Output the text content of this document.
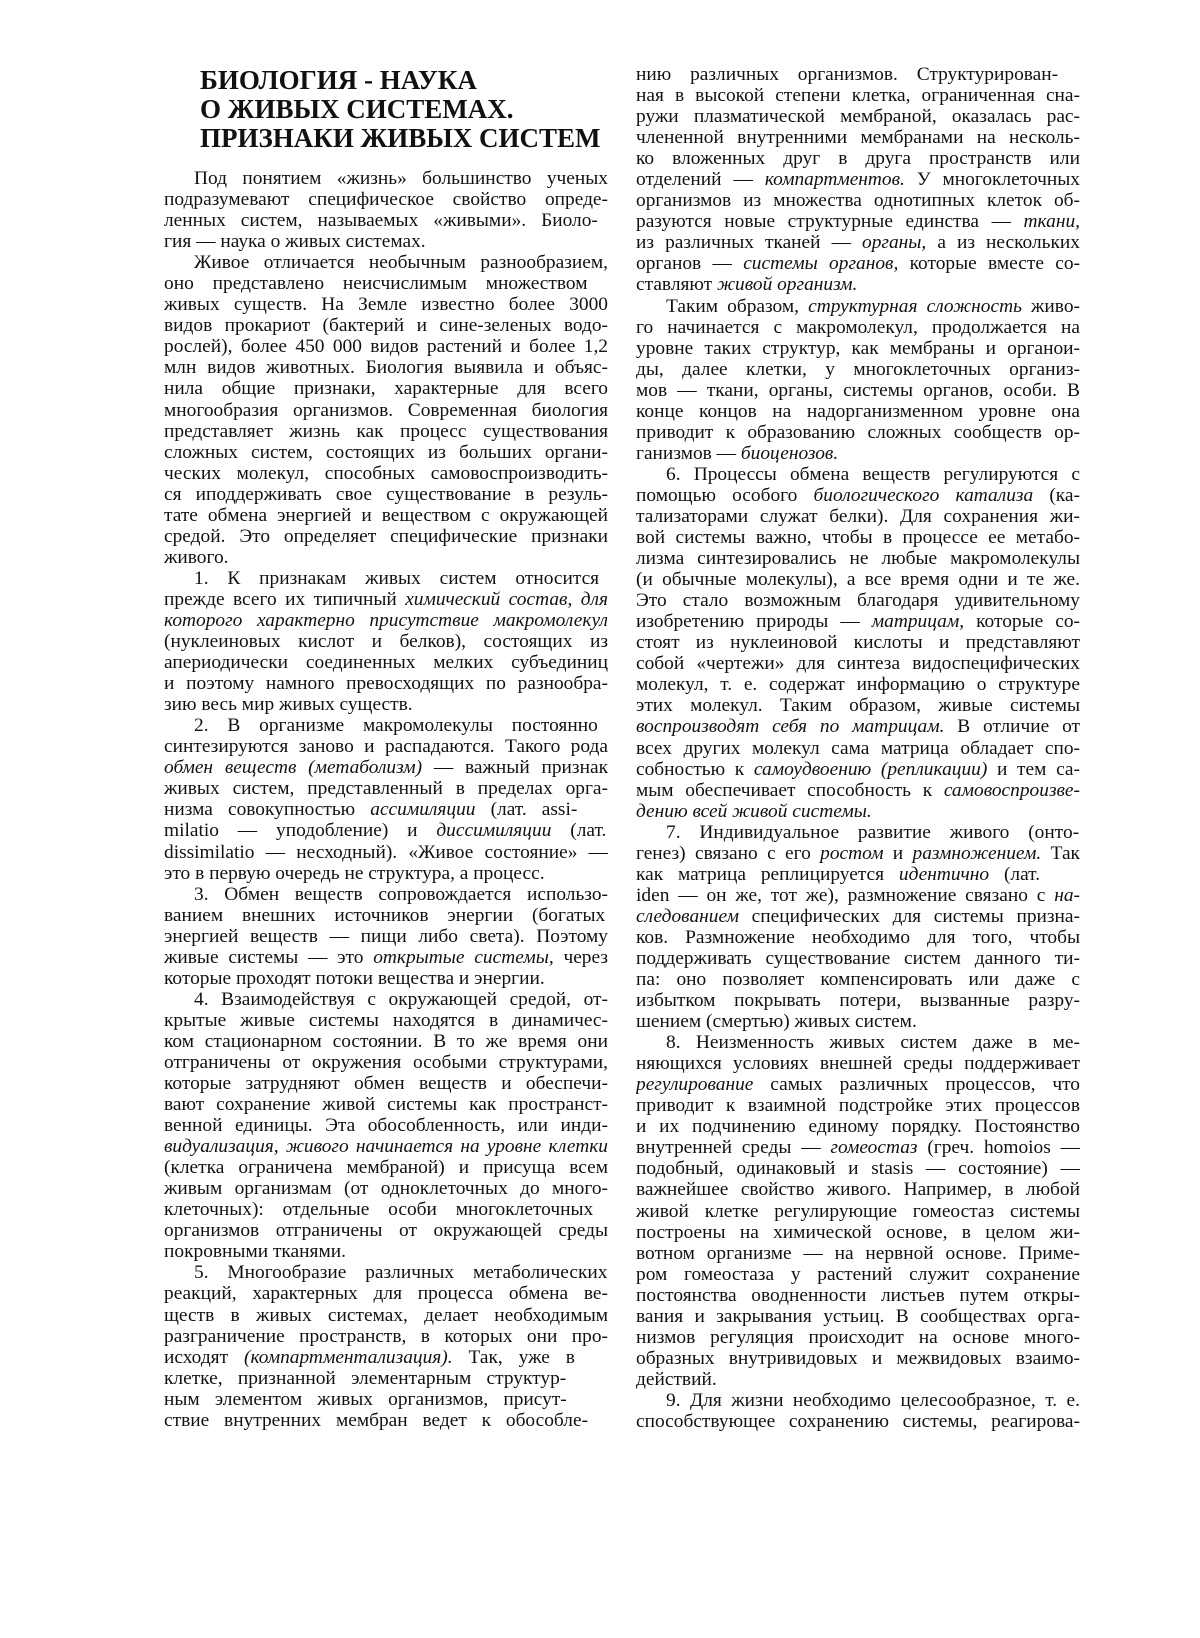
БИОЛОГИЯ - НАУКА
О ЖИВЫХ СИСТЕМАХ.
ПРИЗНАКИ ЖИВЫХ СИСТЕМ
Под понятием «жизнь» большинство ученых
подразумевают специфическое свойство опреде-
ленных систем, называемых «живыми». Биоло-
гия — наука о живых системах.
Живое отличается необычным разнообразием,
оно представлено неисчислимым множеством
живых существ. На Земле известно более 3000
видов прокариот (бактерий и сине-зеленых водо-
рослей), более 450 000 видов растений и более 1,2
млн видов животных. Биология выявила и объяс-
нила общие признаки, характерные для всего
многообразия организмов. Современная биология
представляет жизнь как процесс существования
сложных систем, состоящих из больших органи-
ческих молекул, способных самовоспроизводить-
ся иподдерживать свое существование в резуль-
тате обмена энергией и веществом с окружающей
средой. Это определяет специфические признаки
живого.
1. К признакам живых систем относится
прежде всего их типичный химический состав, для
которого характерно присутствие макромолекул
(нуклеиновых кислот и белков), состоящих из
апериодически соединенных мелких субъединиц
и поэтому намного превосходящих по разнообра-
зию весь мир живых существ.
2. В организме макромолекулы постоянно
синтезируются заново и распадаются. Такого рода
обмен веществ (метаболизм) — важный признак
живых систем, представленный в пределах орга-
низма совокупностью ассимиляции (лат. assi-
milatio — уподобление) и диссимиляции (лат.
dissimilatio — несходный). «Живое состояние» —
это в первую очередь не структура, а процесс.
3. Обмен веществ сопровождается использо-
ванием внешних источников энергии (богатых
энергией веществ — пищи либо света). Поэтому
живые системы — это открытые системы, через
которые проходят потоки вещества и энергии.
4. Взаимодействуя с окружающей средой, от-
крытые живые системы находятся в динамичес-
ком стационарном состоянии. В то же время они
отграничены от окружения особыми структурами,
которые затрудняют обмен веществ и обеспечи-
вают сохранение живой системы как пространст-
венной единицы. Эта обособленность, или инди-
видуализация, живого начинается на уровне клетки
(клетка ограничена мембраной) и присуща всем
живым организмам (от одноклеточных до много-
клеточных): отдельные особи многоклеточных
организмов отграничены от окружающей среды
покровными тканями.
5. Многообразие различных метаболических
реакций, характерных для процесса обмена ве-
ществ в живых системах, делает необходимым
разграничение пространств, в которых они про-
исходят (компартментализация). Так, уже в
клетке, признанной элементарным структур-
ным элементом живых организмов, присут-
ствие внутренних мембран ведет к обособле-
нию различных организмов. Структурирован-
ная в высокой степени клетка, ограниченная сна-
ружи плазматической мембраной, оказалась рас-
члененной внутренними мембранами на несколь-
ко вложенных друг в друга пространств или
отделений — компартментов. У многоклеточных
организмов из множества однотипных клеток об-
разуются новые структурные единства — ткани,
из различных тканей — органы, а из нескольких
органов — системы органов, которые вместе со-
ставляют живой организм.
Таким образом, структурная сложность живо-
го начинается с макромолекул, продолжается на
уровне таких структур, как мембраны и органои-
ды, далее клетки, у многоклеточных организ-
мов — ткани, органы, системы органов, особи. В
конце концов на надорганизменном уровне она
приводит к образованию сложных сообществ ор-
ганизмов — биоценозов.
6. Процессы обмена веществ регулируются с
помощью особого биологического катализа (ка-
тализаторами служат белки). Для сохранения жи-
вой системы важно, чтобы в процессе ее метабо-
лизма синтезировались не любые макромолекулы
(и обычные молекулы), а все время одни и те же.
Это стало возможным благодаря удивительному
изобретению природы — матрицам, которые со-
стоят из нуклеиновой кислоты и представляют
собой «чертежи» для синтеза видоспецифических
молекул, т. е. содержат информацию о структуре
этих молекул. Таким образом, живые системы
воспроизводят себя по матрицам. В отличие от
всех других молекул сама матрица обладает спо-
собностью к самоудвоению (репликации) и тем са-
мым обеспечивает способность к самовоспроизве-
дению всей живой системы.
7. Индивидуальное развитие живого (онто-
генез) связано с его ростом и размножением. Так
как матрица реплицируется идентично (лат.
iden — он же, тот же), размножение связано с на-
следованием специфических для системы призна-
ков. Размножение необходимо для того, чтобы
поддерживать существование систем данного ти-
па: оно позволяет компенсировать или даже с
избытком покрывать потери, вызванные разру-
шением (смертью) живых систем.
8. Неизменность живых систем даже в ме-
няющихся условиях внешней среды поддерживает
регулирование самых различных процессов, что
приводит к взаимной подстройке этих процессов
и их подчинению единому порядку. Постоянство
внутренней среды — гомеостаз (греч. homoios —
подобный, одинаковый и stasis — состояние) —
важнейшее свойство живого. Например, в любой
живой клетке регулирующие гомеостаз системы
построены на химической основе, в целом жи-
вотном организме — на нервной основе. Приме-
ром гомеостаза у растений служит сохранение
постоянства оводненности листьев путем откры-
вания и закрывания устьиц. В сообществах орга-
низмов регуляция происходит на основе много-
образных внутривидовых и межвидовых взаимо-
действий.
9. Для жизни необходимо целесообразное, т. е.
способствующее сохранению системы, реагирова-
